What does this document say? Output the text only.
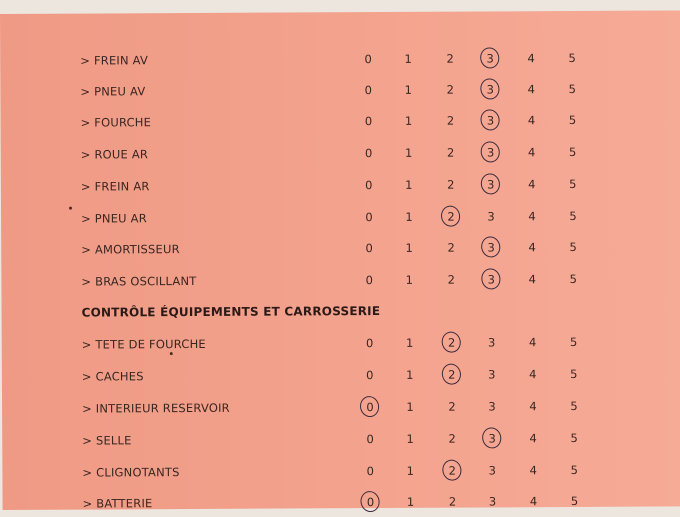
> FREIN AV	0	1	2	3	4	5
> PNEU AV	0	1	2	3	4	5
> FOURCHE	0	1	2	3	4	5
> ROUE AR	0	1	2	3	4	5
> FREIN AR	0	1	2	3	4	5
> PNEU AR	0	1	2	3	4	5
> AMORTISSEUR	0	1	2	3	4	5
> BRAS OSCILLANT	0	1	2	3	4	5
CONTRÔLE ÉQUIPEMENTS ET CARROSSERIE
> TETE DE FOURCHE	0	1	2	3	4	5
> CACHES	0	1	2	3	4	5
> INTERIEUR RESERVOIR	0	1	2	3	4	5
> SELLE	0	1	2	3	4	5
> CLIGNOTANTS	0	1	2	3	4	5
> BATTERIE	0	1	2	3	4	5
